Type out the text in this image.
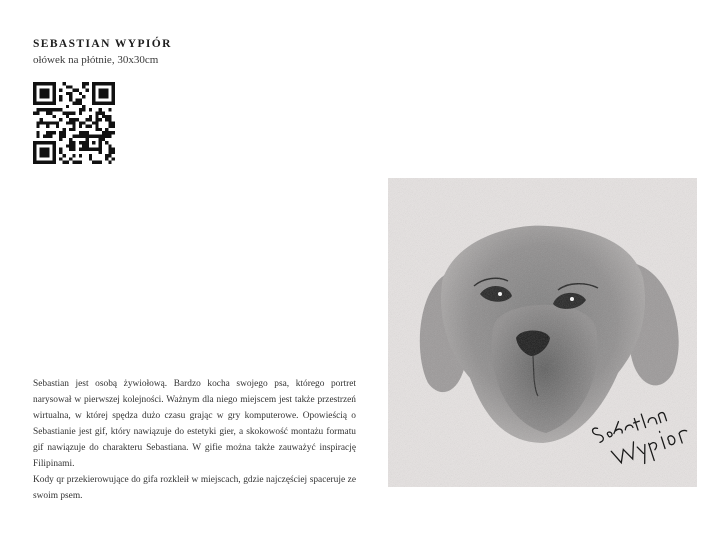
SEBASTIAN WYPIÓR
ołówek na płótnie, 30x30cm

Sebastian jest osobą żywiołową. Bardzo kocha swojego psa, którego portret narysował w pierwszej kolejności. Ważnym dla niego miejscem jest także przestrzeń wirtualna, w której spędza dużo czasu grając w gry komputerowe. Opowieścią o Sebastianie jest gif, który nawiązuje do estetyki gier, a skokowość montażu formatu gif nawiązuje do charakteru Sebastiana. W gifie można także zauważyć inspirację Filipinami.

Kody qr przekierowujące do gifa rozkleił w miejscach, gdzie najczęściej spaceruje ze swoim psem.
